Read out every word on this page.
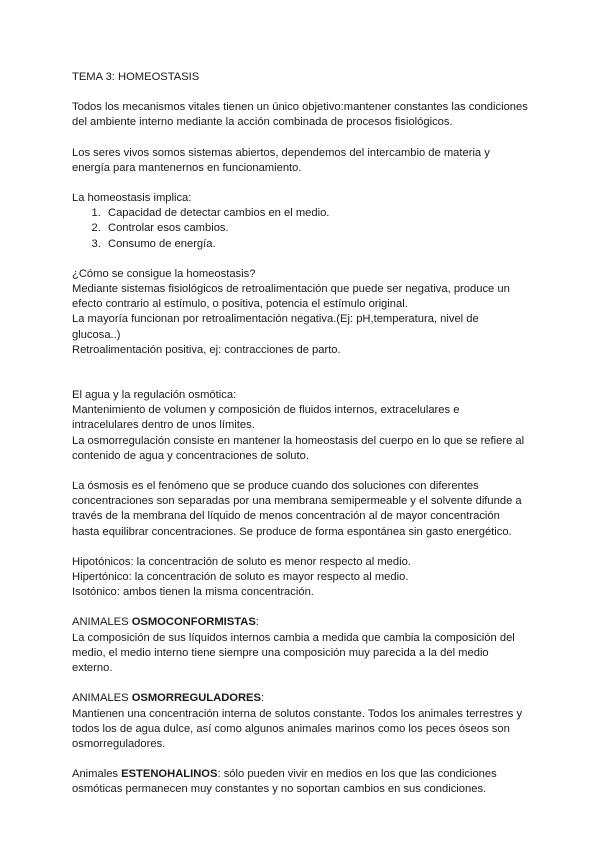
TEMA 3: HOMEOSTASIS

Todos los mecanismos vitales tienen un único objetivo:mantener constantes las condiciones del ambiente interno mediante la acción combinada de procesos fisiológicos.

Los seres vivos somos sistemas abiertos, dependemos del intercambio de materia y energía para mantenernos en funcionamiento.

La homeostasis implica:

1. Capacidad de detectar cambios en el medio.
2. Controlar esos cambios.
3. Consumo de energía.

¿Cómo se consigue la homeostasis?

Mediante sistemas fisiológicos de retroalimentación que puede ser negativa, produce un efecto contrario al estímulo, o positiva, potencia el estímulo original.

La mayoría funcionan por retroalimentación negativa.(Ej: pH,temperatura, nivel de glucosa..)

Retroalimentación positiva, ej: contracciones de parto.

El agua y la regulación osmótica:

Mantenimiento de volumen y composición de fluidos internos, extracelulares e intracelulares dentro de unos límites.

La osmorregulación consiste en mantener la homeostasis del cuerpo en lo que se refiere al contenido de agua y concentraciones de soluto.

La ósmosis es el fenómeno que se produce cuando dos soluciones con diferentes concentraciones son separadas por una membrana semipermeable y el solvente difunde a través de la membrana del líquido de menos concentración al de mayor concentración hasta equilibrar concentraciones. Se produce de forma espontánea sin gasto energético.

Hipotónicos: la concentración de soluto es menor respecto al medio.

Hipertónico: la concentración de soluto es mayor respecto al medio.

Isotónico: ambos tienen la misma concentración.

ANIMALES OSMOCONFORMISTAS:

La composición de sus líquidos internos cambia a medida que cambia la composición del medio, el medio interno tiene siempre una composición muy parecida a la del medio externo.

ANIMALES OSMORREGULADORES:

Mantienen una concentración interna de solutos constante. Todos los animales terrestres y todos los de agua dulce, así como algunos animales marinos como los peces óseos son osmorreguladores.

Animales ESTENOHALINOS: sólo pueden vivir en medios en los que las condiciones osmóticas permanecen muy constantes y no soportan cambios en sus condiciones.
